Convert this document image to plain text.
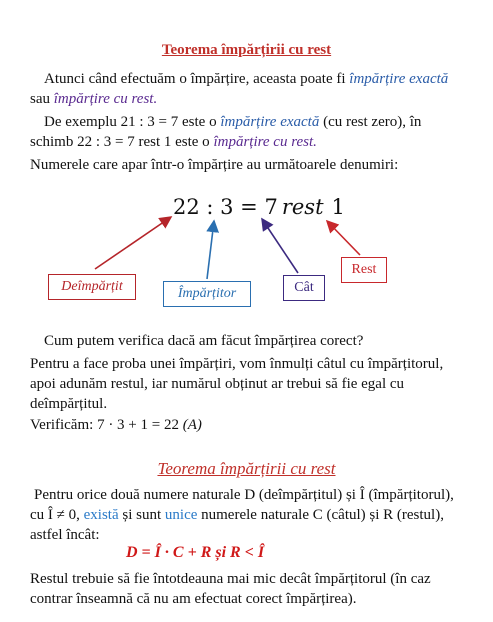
Teorema împărțirii cu rest
Atunci când efectuăm o împărțire, aceasta poate fi împărțire exactă
sau împărțire cu rest.
De exemplu 21 : 3 = 7 este o împărțire exactă (cu rest zero), în
schimb 22 : 3 = 7 rest 1 este o împărțire cu rest.
Numerele care apar într-o împărțire au următoarele denumiri:
22 : 3 = 7 rest 1
Deîmpărțit	Împărțitor	Cât
Rest
Cum putem verifica dacă am făcut împărțirea corect?
Pentru a face proba unei împărțiri, vom înmulți câtul cu împărțitorul,
apoi adunăm restul, iar numărul obținut ar trebui să fie egal cu
deîmpărțitul.
Verificăm: 7 · 3 + 1 = 22 (A)
Teorema împărțirii cu rest
Pentru orice două numere naturale D (deîmpărțitul) și Î (împărțitorul),
cu Î ≠ 0, există și sunt unice numerele naturale C (câtul) și R (restul),
astfel încât:
D = Î · C + R și R < Î
Restul trebuie să fie întotdeauna mai mic decât împărțitorul (în caz
contrar înseamnă că nu am efectuat corect împărțirea).
